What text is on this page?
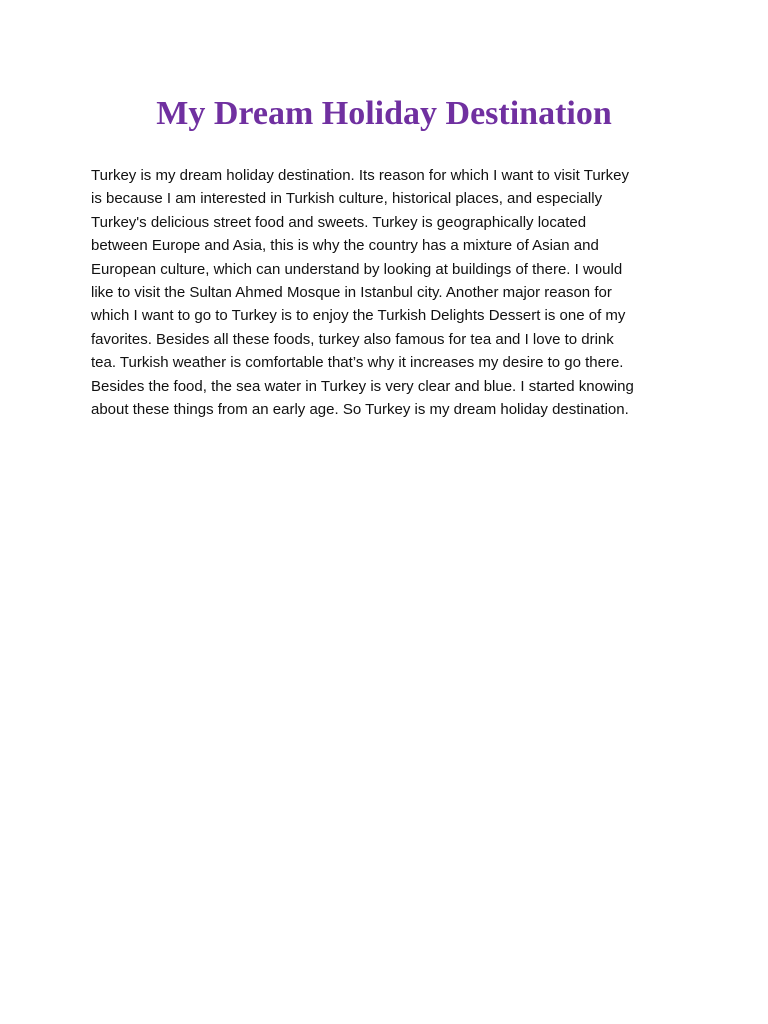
My Dream Holiday Destination
Turkey is my dream holiday destination. Its reason for which I want to visit Turkey
is because I am interested in Turkish culture, historical places, and especially
Turkey's delicious street food and sweets. Turkey is geographically located
between Europe and Asia, this is why the country has a mixture of Asian and
European culture, which can understand by looking at buildings of there. I would
like to visit the Sultan Ahmed Mosque in Istanbul city. Another major reason for
which I want to go to Turkey is to enjoy the Turkish Delights Dessert is one of my
favorites. Besides all these foods, turkey also famous for tea and I love to drink
tea. Turkish weather is comfortable that’s why it increases my desire to go there.
Besides the food, the sea water in Turkey is very clear and blue. I started knowing
about these things from an early age. So Turkey is my dream holiday destination.
